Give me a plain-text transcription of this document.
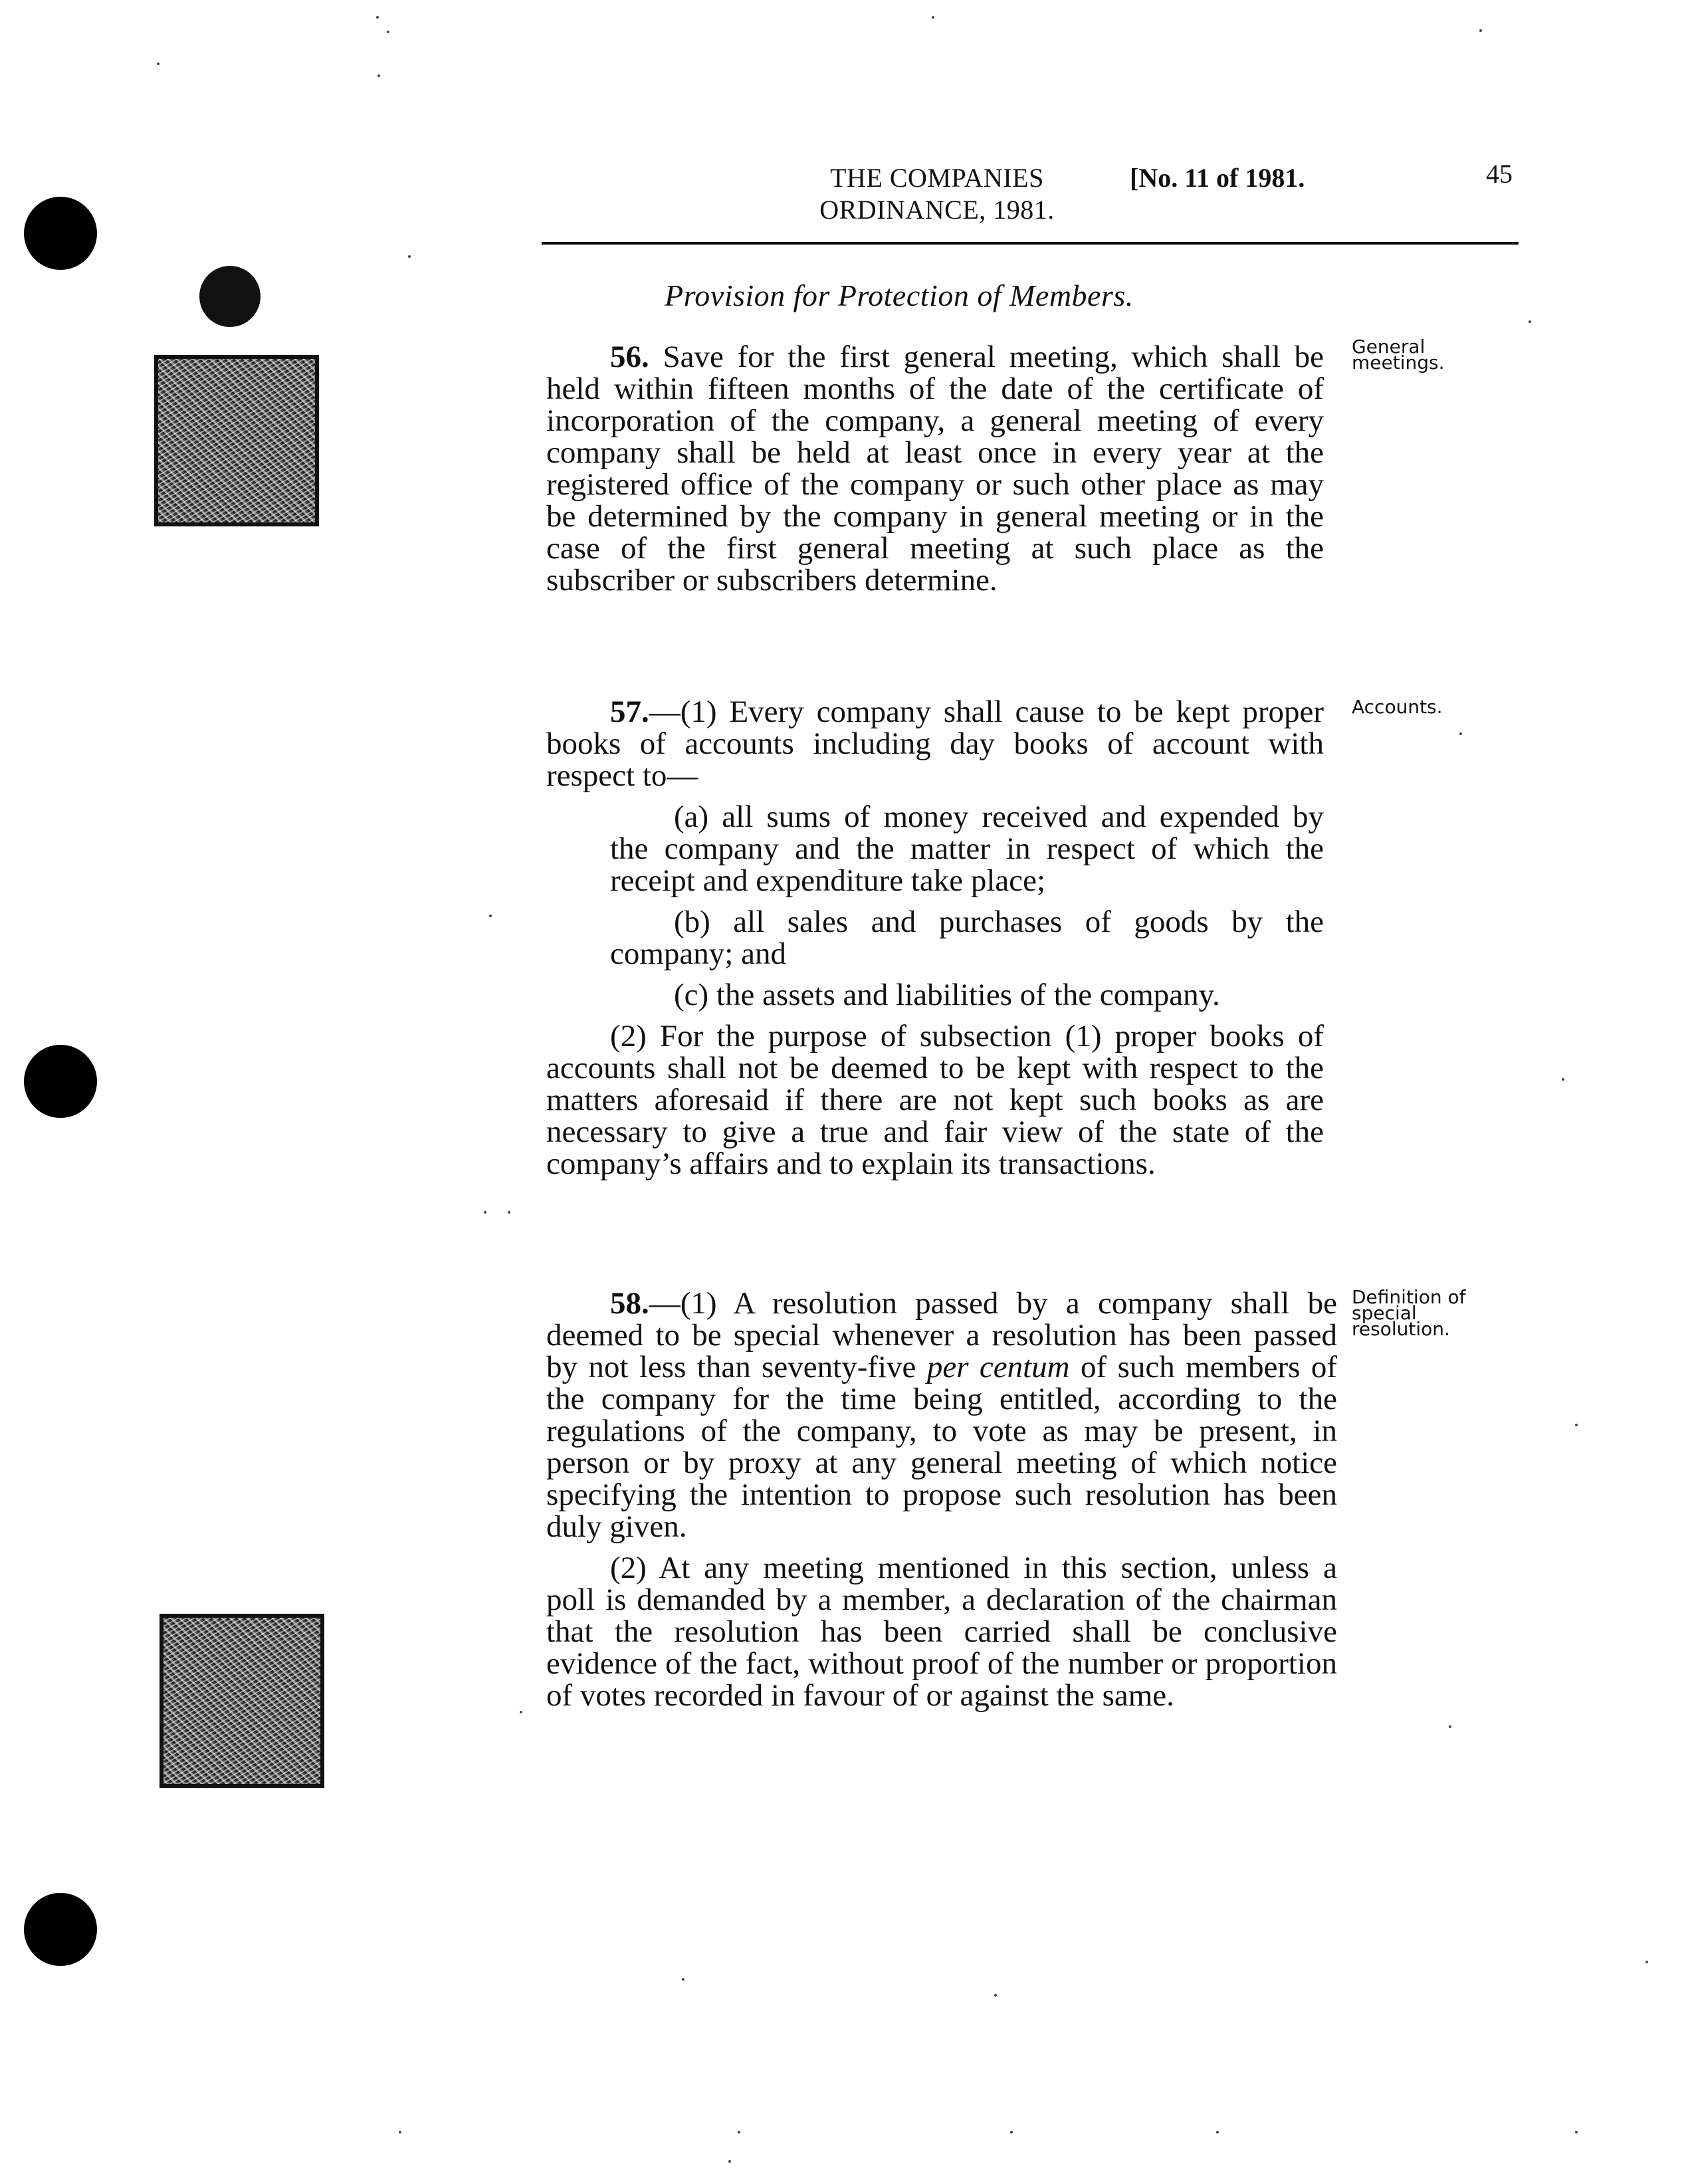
THE COMPANIES
ORDINANCE, 1981.
[No. 11 of 1981.	45
Provision for Protection of Members.

56. Save for the first general meeting, which shall be held within fifteen months of the date of the certificate of incorporation of the company, a general meeting of every company shall be held at least once in every year at the registered office of the company or such other place as may be determined by the company in general meeting or in the case of the first general meeting at such place as the subscriber or subscribers determine.

General meetings.

57.—(1) Every company shall cause to be kept proper books of accounts including day books of account with respect to—

(a) all sums of money received and expended by the company and the matter in respect of which the receipt and expenditure take place;

(b) all sales and purchases of goods by the company; and

(c) the assets and liabilities of the company.

(2) For the purpose of subsection (1) proper books of accounts shall not be deemed to be kept with respect to the matters aforesaid if there are not kept such books as are necessary to give a true and fair view of the state of the company’s affairs and to explain its transactions.

Accounts.

58.—(1) A resolution passed by a company shall be deemed to be special whenever a resolution has been passed by not less than seventy-five per centum of such members of the company for the time being entitled, according to the regulations of the company, to vote as may be present, in person or by proxy at any general meeting of which notice specifying the intention to propose such resolution has been duly given.

(2) At any meeting mentioned in this section, unless a poll is demanded by a member, a declaration of the chairman that the resolution has been carried shall be conclusive evidence of the fact, without proof of the number or proportion of votes recorded in favour of or against the same.

Definition of special resolution.
